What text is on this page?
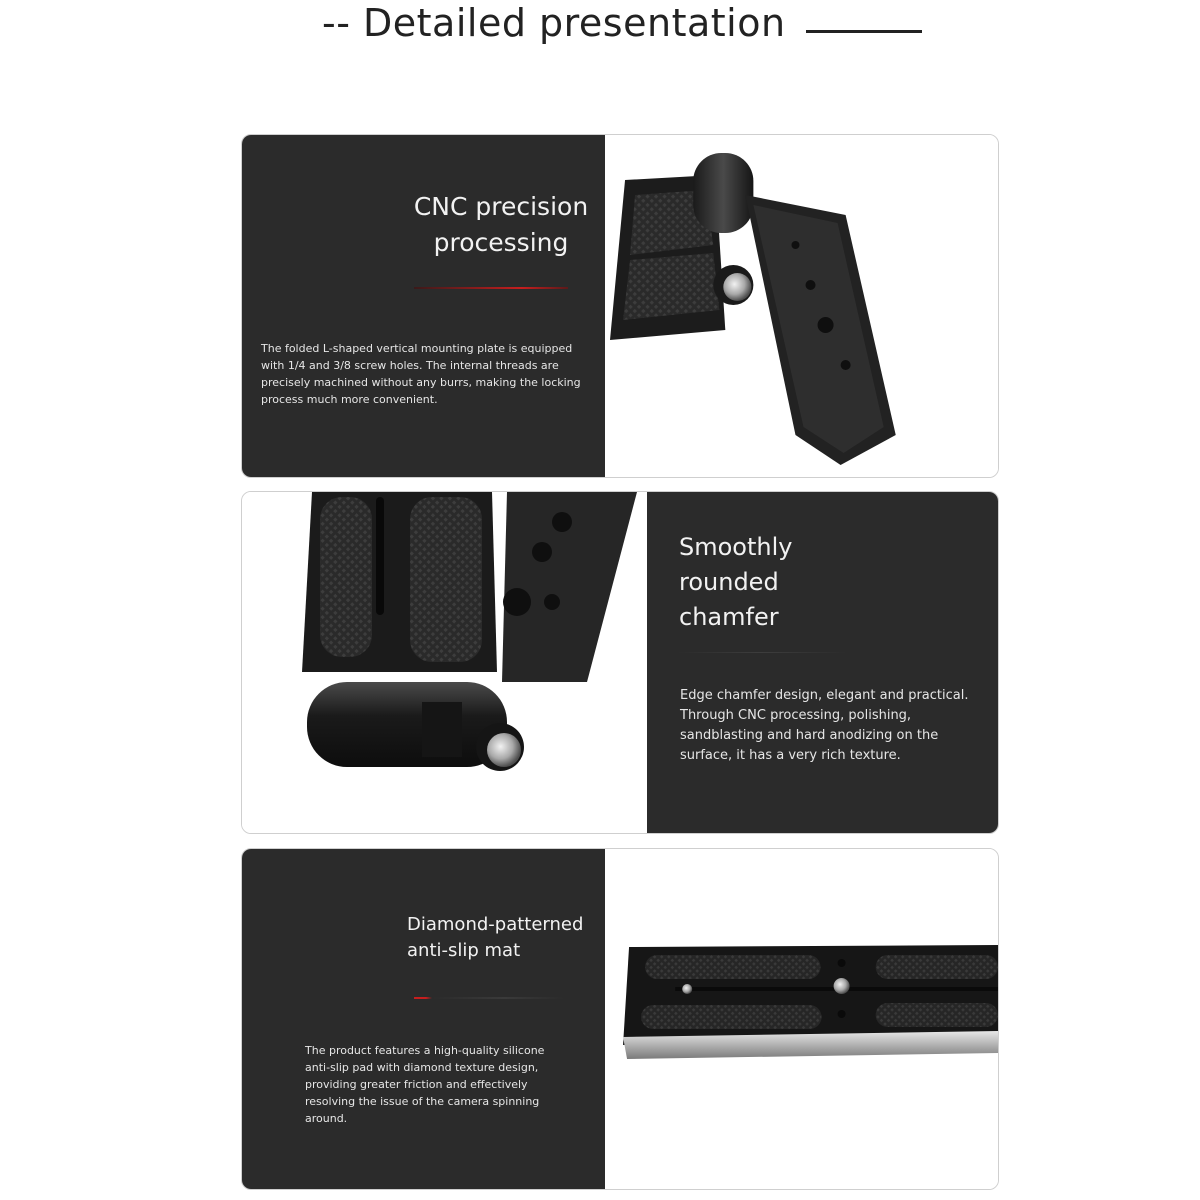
-- Detailed presentation
CNC precision processing
The folded L-shaped vertical mounting plate is equipped with 1/4 and 3/8 screw holes. The internal threads are precisely machined without any burrs, making the locking process much more convenient.
Smoothly rounded chamfer
Edge chamfer design, elegant and practical. Through CNC processing, polishing, sandblasting and hard anodizing on the surface, it has a very rich texture.
Diamond-patterned anti-slip mat
The product features a high-quality silicone anti-slip pad with diamond texture design, providing greater friction and effectively resolving the issue of the camera spinning around.
